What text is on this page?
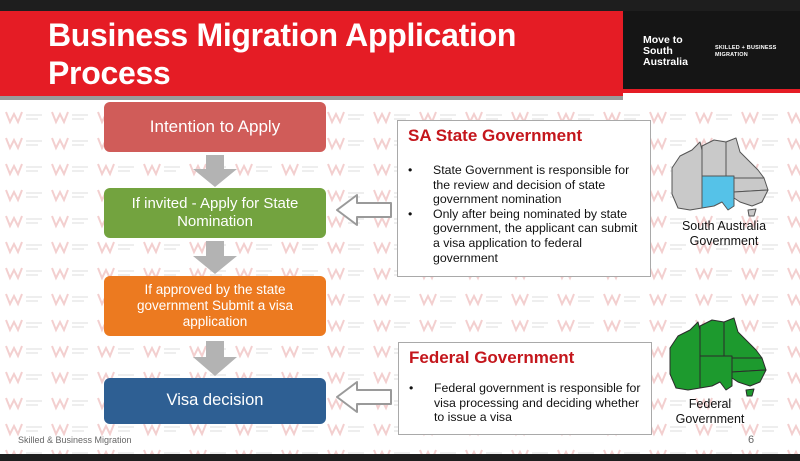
Business Migration Application Process
Move to South Australia
SKILLED + BUSINESS MIGRATION
Intention to Apply
If invited - Apply for State Nomination
If approved by the state government Submit a visa application
Visa decision
SA State Government
• State Government is responsible for the review and decision of state government nomination
• Only after being nominated by state government, the applicant can submit a visa application to federal government
Federal Government
• Federal government is responsible for visa processing and deciding whether to issue a visa
South Australia Government
Federal Government
Skilled & Business Migration	6
